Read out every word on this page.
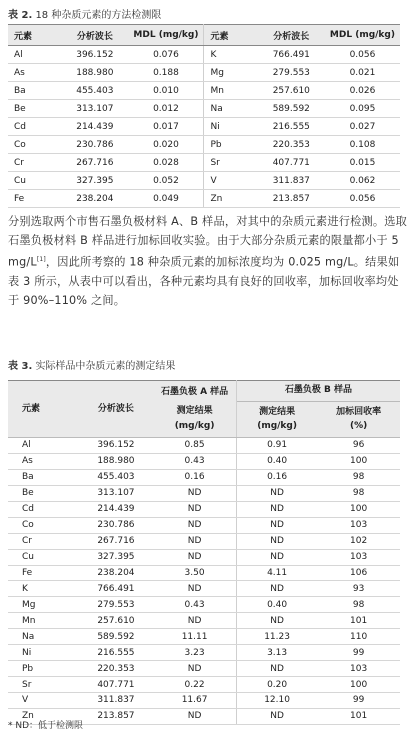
表 2. 18 种杂质元素的方法检测限
元素	分析波长	MDL (mg/kg)	元素	分析波长	MDL (mg/kg)
Al	396.152	0.076	K	766.491	0.056
As	188.980	0.188	Mg	279.553	0.021
Ba	455.403	0.010	Mn	257.610	0.026
Be	313.107	0.012	Na	589.592	0.095
Cd	214.439	0.017	Ni	216.555	0.027
Co	230.786	0.020	Pb	220.353	0.108
Cr	267.716	0.028	Sr	407.771	0.015
Cu	327.395	0.052	V	311.837	0.062
Fe	238.204	0.049	Zn	213.857	0.056
分别选取两个市售石墨负极材料 A、B 样品，对其中的杂质元素进行检测。选取石墨负极材料 B 样品进行加标回收实验。由于大部分杂质元素的限量都小于 5 mg/L[1]，因此所考察的 18 种杂质元素的加标浓度均为 0.025 mg/L。结果如表 3 所示，从表中可以看出，各种元素均具有良好的回收率，加标回收率均处于 90%–110% 之间。
表 3. 实际样品中杂质元素的测定结果
元素	分析波长	石墨负极 A 样品	石墨负极 B 样品	
		测定结果	测定结果	加标回收率
		(mg/kg)	(mg/kg)	(%)
Al	396.152	0.85	0.91	96
As	188.980	0.43	0.40	100
Ba	455.403	0.16	0.16	98
Be	313.107	ND	ND	98
Cd	214.439	ND	ND	100
Co	230.786	ND	ND	103
Cr	267.716	ND	ND	102
Cu	327.395	ND	ND	103
Fe	238.204	3.50	4.11	106
K	766.491	ND	ND	93
Mg	279.553	0.43	0.40	98
Mn	257.610	ND	ND	101
Na	589.592	11.11	11.23	110
Ni	216.555	3.23	3.13	99
Pb	220.353	ND	ND	103
Sr	407.771	0.22	0.20	100
V	311.837	11.67	12.10	99
Zn	213.857	ND	ND	101
* ND：低于检测限
